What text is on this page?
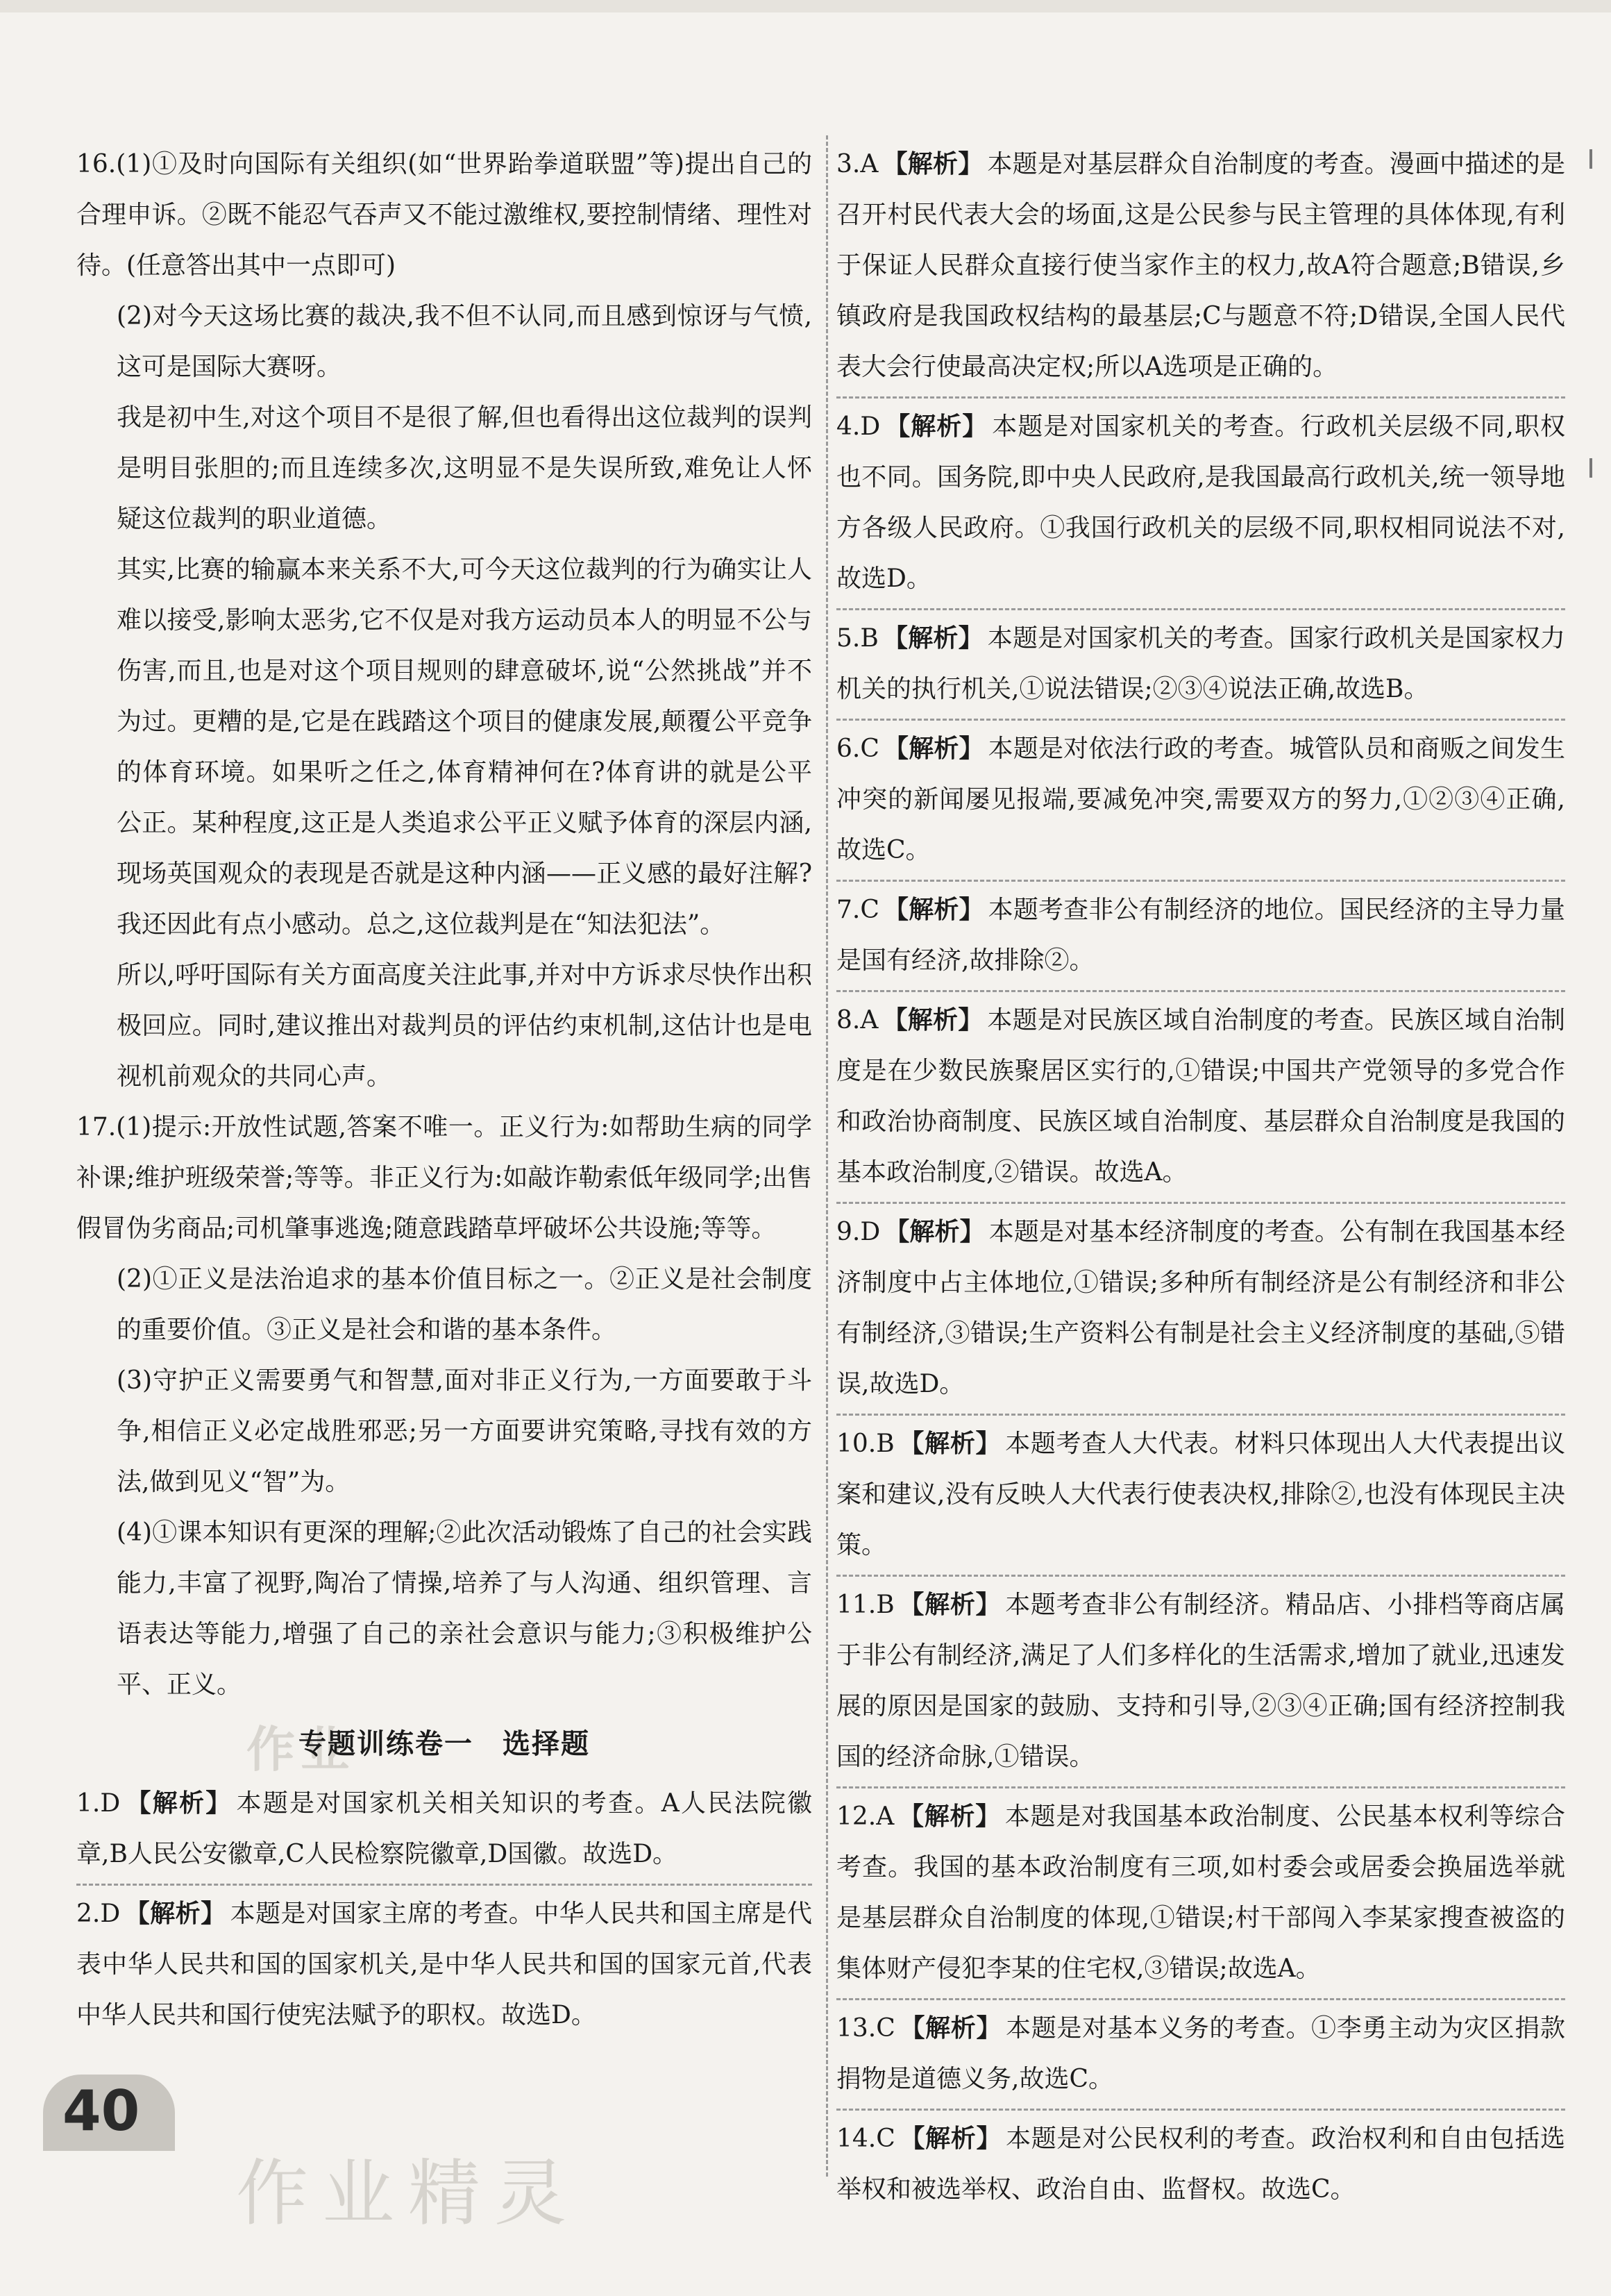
16.(1)①及时向国际有关组织(如“世界跆拳道联盟”等)提出自己的合理申诉。②既不能忍气吞声又不能过激维权,要控制情绪、理性对待。(任意答出其中一点即可)

(2)对今天这场比赛的裁决,我不但不认同,而且感到惊讶与气愤,这可是国际大赛呀。

我是初中生,对这个项目不是很了解,但也看得出这位裁判的误判是明目张胆的;而且连续多次,这明显不是失误所致,难免让人怀疑这位裁判的职业道德。

其实,比赛的输赢本来关系不大,可今天这位裁判的行为确实让人难以接受,影响太恶劣,它不仅是对我方运动员本人的明显不公与伤害,而且,也是对这个项目规则的肆意破坏,说“公然挑战”并不为过。更糟的是,它是在践踏这个项目的健康发展,颠覆公平竞争的体育环境。如果听之任之,体育精神何在?体育讲的就是公平公正。某种程度,这正是人类追求公平正义赋予体育的深层内涵,现场英国观众的表现是否就是这种内涵——正义感的最好注解?我还因此有点小感动。总之,这位裁判是在“知法犯法”。

所以,呼吁国际有关方面高度关注此事,并对中方诉求尽快作出积极回应。同时,建议推出对裁判员的评估约束机制,这估计也是电视机前观众的共同心声。

17.(1)提示:开放性试题,答案不唯一。正义行为:如帮助生病的同学补课;维护班级荣誉;等等。非正义行为:如敲诈勒索低年级同学;出售假冒伪劣商品;司机肇事逃逸;随意践踏草坪破坏公共设施;等等。

(2)①正义是法治追求的基本价值目标之一。②正义是社会制度的重要价值。③正义是社会和谐的基本条件。

(3)守护正义需要勇气和智慧,面对非正义行为,一方面要敢于斗争,相信正义必定战胜邪恶;另一方面要讲究策略,寻找有效的方法,做到见义“智”为。

(4)①课本知识有更深的理解;②此次活动锻炼了自己的社会实践能力,丰富了视野,陶冶了情操,培养了与人沟通、组织管理、言语表达等能力,增强了自己的亲社会意识与能力;③积极维护公平、正义。

作业
专题训练卷一　选择题

1.D 【解析】 本题是对国家机关相关知识的考查。A人民法院徽章,B人民公安徽章,C人民检察院徽章,D国徽。故选D。

2.D 【解析】 本题是对国家主席的考查。中华人民共和国主席是代表中华人民共和国的国家机关,是中华人民共和国的国家元首,代表中华人民共和国行使宪法赋予的职权。故选D。

3.A 【解析】 本题是对基层群众自治制度的考查。漫画中描述的是召开村民代表大会的场面,这是公民参与民主管理的具体体现,有利于保证人民群众直接行使当家作主的权力,故A符合题意;B错误,乡镇政府是我国政权结构的最基层;C与题意不符;D错误,全国人民代表大会行使最高决定权;所以A选项是正确的。

4.D 【解析】 本题是对国家机关的考查。行政机关层级不同,职权也不同。国务院,即中央人民政府,是我国最高行政机关,统一领导地方各级人民政府。①我国行政机关的层级不同,职权相同说法不对,故选D。

5.B 【解析】 本题是对国家机关的考查。国家行政机关是国家权力机关的执行机关,①说法错误;②③④说法正确,故选B。

6.C 【解析】 本题是对依法行政的考查。城管队员和商贩之间发生冲突的新闻屡见报端,要减免冲突,需要双方的努力,①②③④正确,故选C。

7.C 【解析】 本题考查非公有制经济的地位。国民经济的主导力量是国有经济,故排除②。

8.A 【解析】 本题是对民族区域自治制度的考查。民族区域自治制度是在少数民族聚居区实行的,①错误;中国共产党领导的多党合作和政治协商制度、民族区域自治制度、基层群众自治制度是我国的基本政治制度,②错误。故选A。

9.D 【解析】 本题是对基本经济制度的考查。公有制在我国基本经济制度中占主体地位,①错误;多种所有制经济是公有制经济和非公有制经济,③错误;生产资料公有制是社会主义经济制度的基础,⑤错误,故选D。

10.B 【解析】 本题考查人大代表。材料只体现出人大代表提出议案和建议,没有反映人大代表行使表决权,排除②,也没有体现民主决策。

11.B 【解析】 本题考查非公有制经济。精品店、小排档等商店属于非公有制经济,满足了人们多样化的生活需求,增加了就业,迅速发展的原因是国家的鼓励、支持和引导,②③④正确;国有经济控制我国的经济命脉,①错误。

12.A 【解析】 本题是对我国基本政治制度、公民基本权利等综合考查。我国的基本政治制度有三项,如村委会或居委会换届选举就是基层群众自治制度的体现,①错误;村干部闯入李某家搜查被盗的集体财产侵犯李某的住宅权,③错误;故选A。

13.C 【解析】 本题是对基本义务的考查。①李勇主动为灾区捐款捐物是道德义务,故选C。

14.C 【解析】 本题是对公民权利的考查。政治权利和自由包括选举权和被选举权、政治自由、监督权。故选C。

40
作业精灵
